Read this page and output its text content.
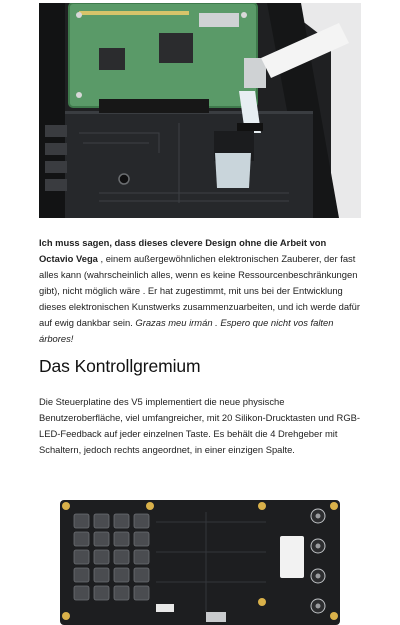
Ich muss sagen, dass dieses clevere Design ohne die Arbeit von Octavio Vega , einem außergewöhnlichen elektronischen Zauberer, der fast alles kann (wahrscheinlich alles, wenn es keine Ressourcenbeschränkungen gibt), nicht möglich wäre . Er hat zugestimmt, mit uns bei der Entwicklung dieses elektronischen Kunstwerks zusammenzuarbeiten, und ich werde dafür auf ewig dankbar sein. Grazas meu irmán . Espero que nicht vos falten árbores!

Das Kontrollgremium

Die Steuerplatine des V5 implementiert die neue physische Benutzeroberfläche, viel umfangreicher, mit 20 Silikon-Drucktasten und RGB-LED-Feedback auf jeder einzelnen Taste. Es behält die 4 Drehgeber mit Schaltern, jedoch rechts angeordnet, in einer einzigen Spalte.
